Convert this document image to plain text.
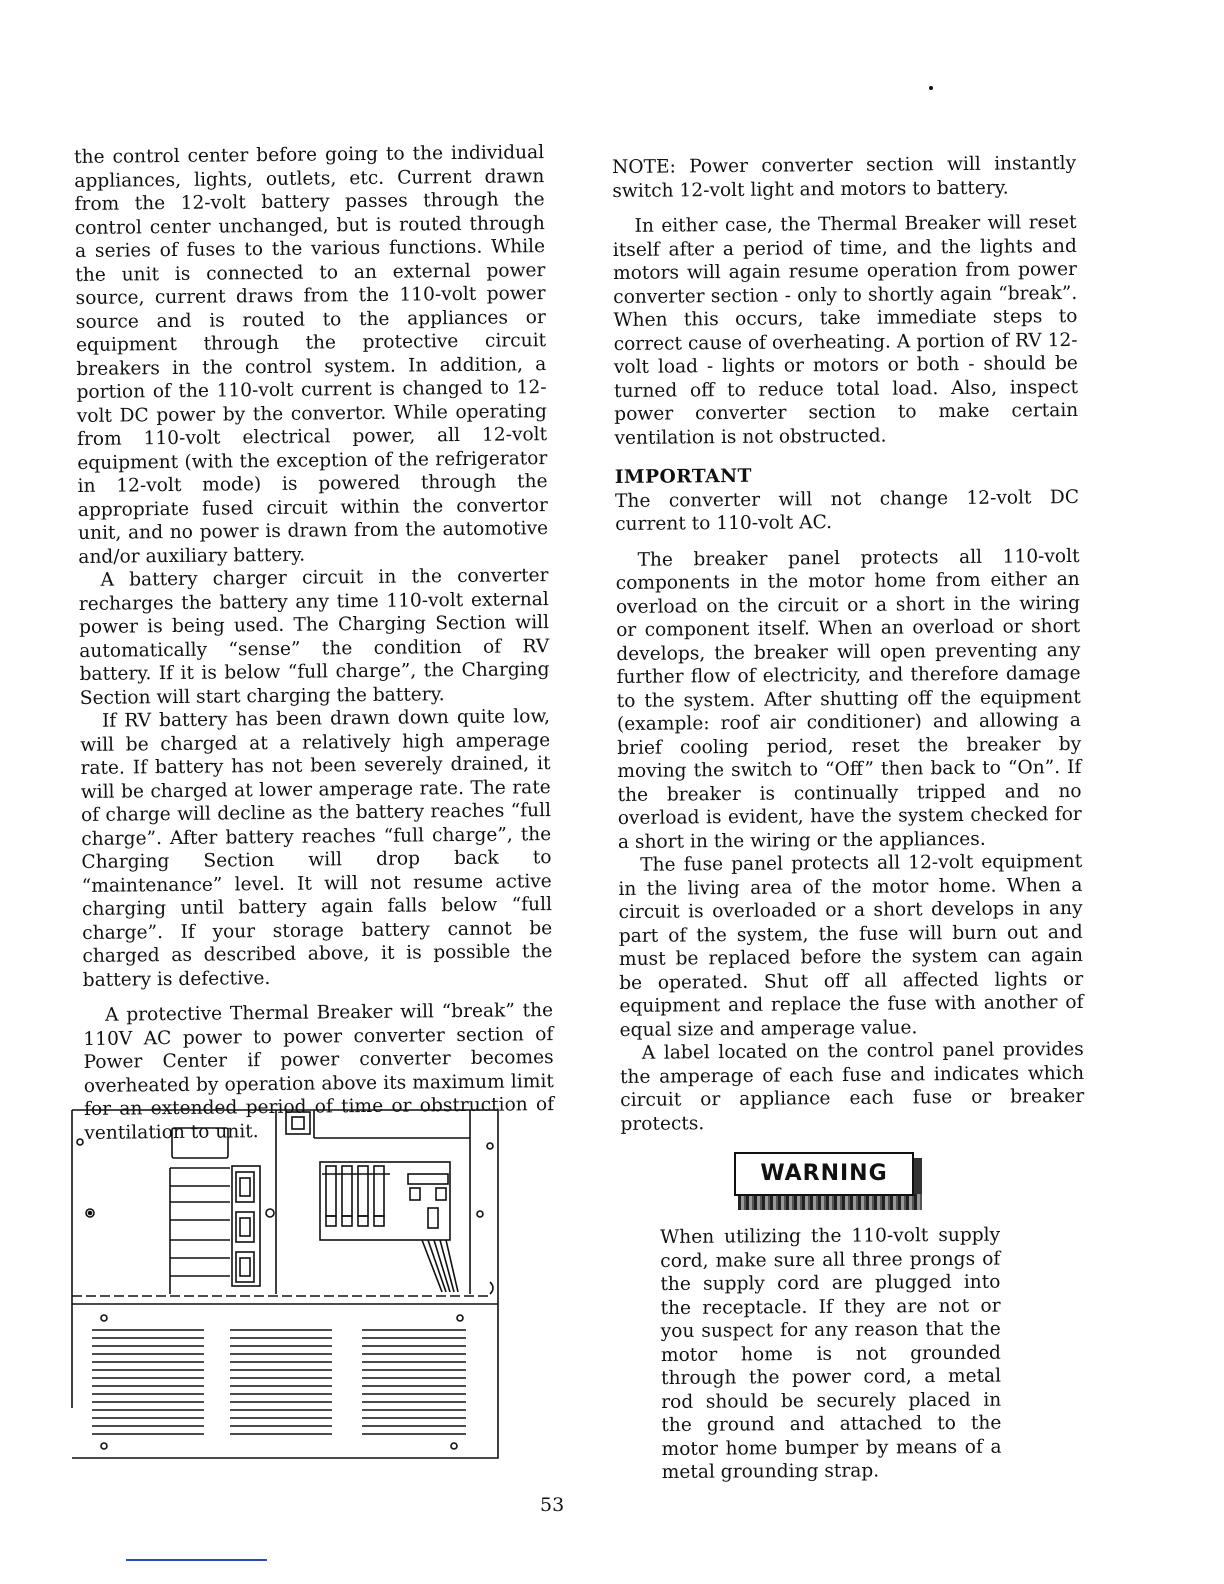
the control center before going to the individual appliances, lights, outlets, etc. Current drawn from the 12-volt battery passes through the control center unchanged, but is routed through a series of fuses to the various functions. While the unit is connected to an external power source, current draws from the 110-volt power source and is routed to the appliances or equipment through the protective circuit breakers in the control system. In addition, a portion of the 110-volt current is changed to 12-volt DC power by the convertor. While operating from 110-volt electrical power, all 12-volt equipment (with the exception of the refrigerator in 12-volt mode) is powered through the appropriate fused circuit within the convertor unit, and no power is drawn from the automotive and/or auxiliary battery.

A battery charger circuit in the converter recharges the battery any time 110-volt external power is being used. The Charging Section will automatically “sense” the condition of RV battery. If it is below “full charge”, the Charging Section will start charging the battery.

If RV battery has been drawn down quite low, will be charged at a relatively high amperage rate. If battery has not been severely drained, it will be charged at lower amperage rate. The rate of charge will decline as the battery reaches “full charge”. After battery reaches “full charge”, the Charging Section will drop back to “maintenance” level. It will not resume active charging until battery again falls below “full charge”. If your storage battery cannot be charged as described above, it is possible the battery is defective.

A protective Thermal Breaker will “break” the 110V AC power to power converter section of Power Center if power converter becomes overheated by operation above its maximum limit for an extended period of time or obstruction of ventilation to unit.

NOTE: Power converter section will instantly switch 12-volt light and motors to battery.

In either case, the Thermal Breaker will reset itself after a period of time, and the lights and motors will again resume operation from power converter section - only to shortly again “break”. When this occurs, take immediate steps to correct cause of overheating. A portion of RV 12-volt load - lights or motors or both - should be turned off to reduce total load. Also, inspect power converter section to make certain ventilation is not obstructed.

IMPORTANT

The converter will not change 12-volt DC current to 110-volt AC.

The breaker panel protects all 110-volt components in the motor home from either an overload on the circuit or a short in the wiring or component itself. When an overload or short develops, the breaker will open preventing any further flow of electricity, and therefore damage to the system. After shutting off the equipment (example: roof air conditioner) and allowing a brief cooling period, reset the breaker by moving the switch to “Off” then back to “On”. If the breaker is continually tripped and no overload is evident, have the system checked for a short in the wiring or the appliances.

The fuse panel protects all 12-volt equipment in the living area of the motor home. When a circuit is overloaded or a short develops in any part of the system, the fuse will burn out and must be replaced before the system can again be operated. Shut off all affected lights or equipment and replace the fuse with another of equal size and amperage value.

A label located on the control panel provides the amperage of each fuse and indicates which circuit or appliance each fuse or breaker protects.

WARNING
When utilizing the 110-volt supply cord, make sure all three prongs of the supply cord are plugged into the receptacle. If they are not or you suspect for any reason that the motor home is not grounded through the power cord, a metal rod should be securely placed in the ground and attached to the motor home bumper by means of a metal grounding strap.
53
